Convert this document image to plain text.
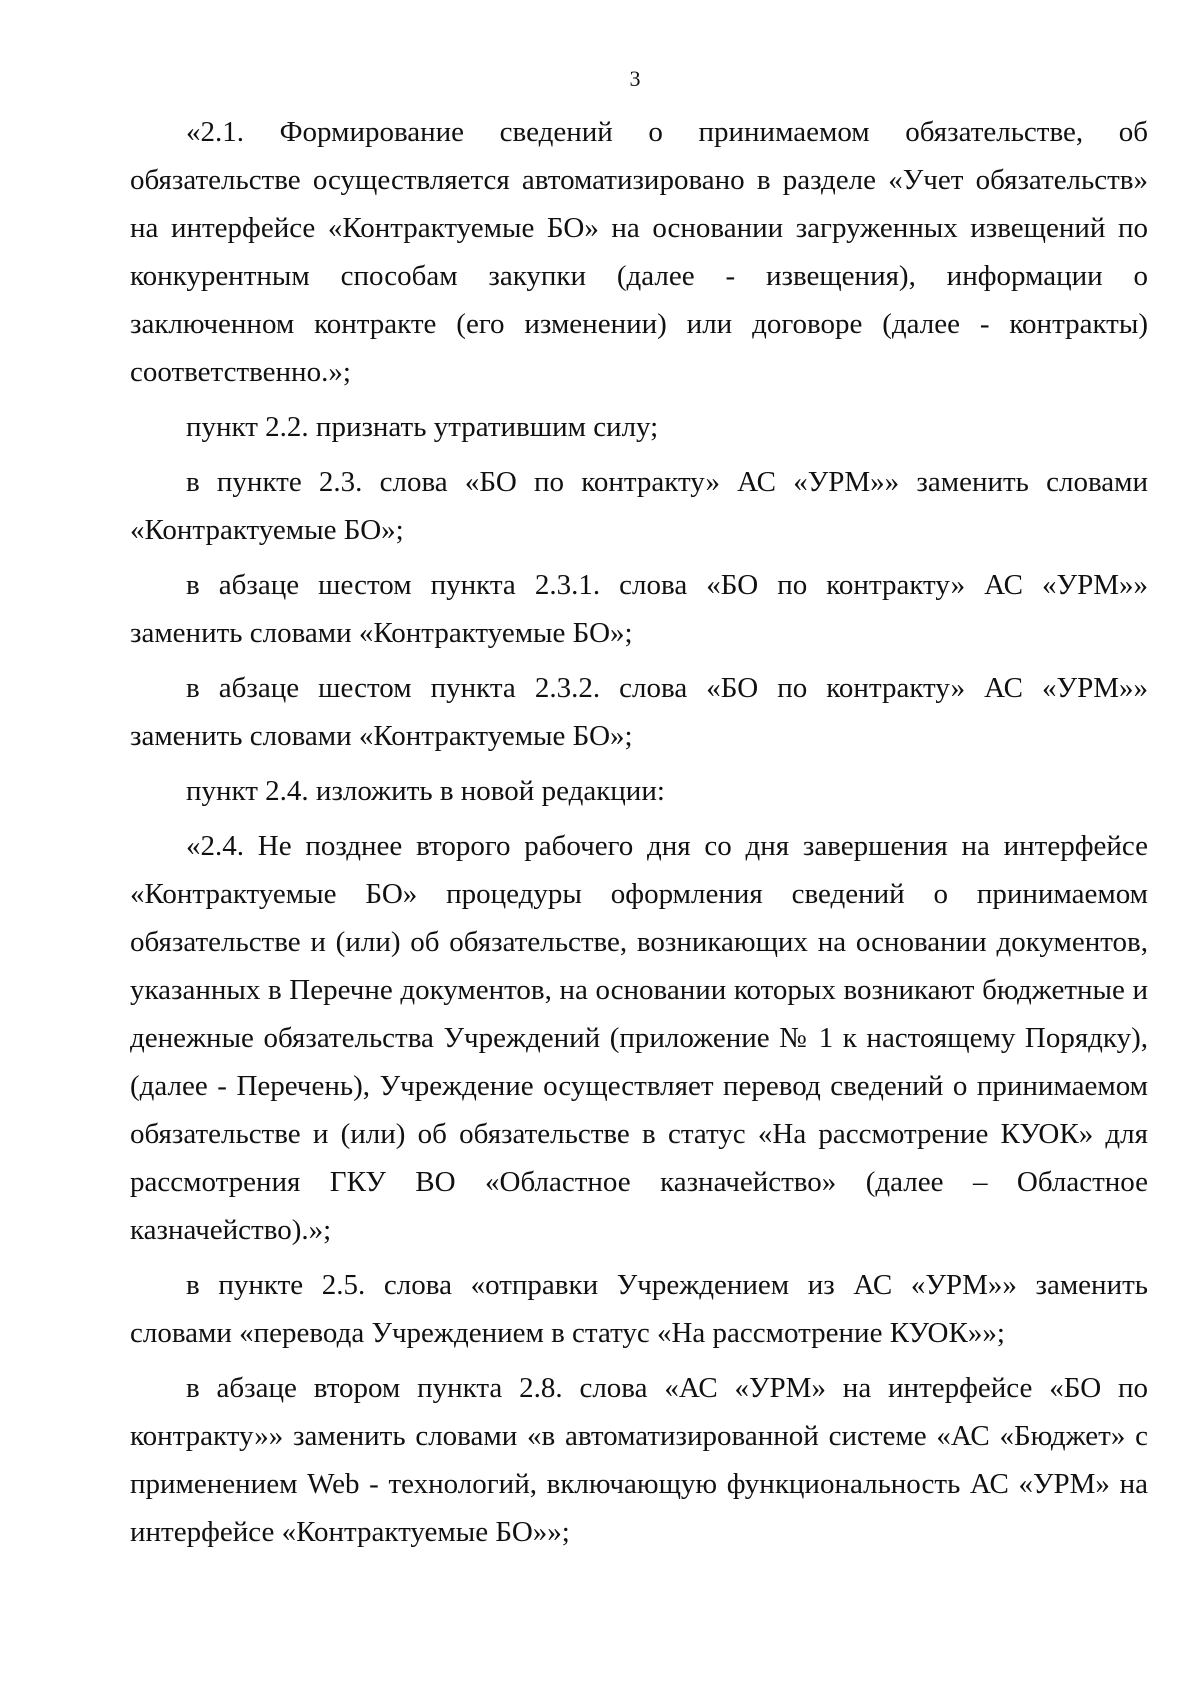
3

«2.1. Формирование сведений о принимаемом обязательстве, об обязательстве осуществляется автоматизировано в разделе «Учет обязательств» на интерфейсе «Контрактуемые БО» на основании загруженных извещений по конкурентным способам закупки (далее - извещения), информации о заключенном контракте (его изменении) или договоре (далее - контракты) соответственно.»;

пункт 2.2. признать утратившим силу;

в пункте 2.3. слова «БО по контракту» АС «УРМ»» заменить словами «Контрактуемые БО»;

в абзаце шестом пункта 2.3.1. слова «БО по контракту» АС «УРМ»» заменить словами «Контрактуемые БО»;

в абзаце шестом пункта 2.3.2. слова «БО по контракту» АС «УРМ»» заменить словами «Контрактуемые БО»;

пункт 2.4. изложить в новой редакции:

«2.4. Не позднее второго рабочего дня со дня завершения на интерфейсе «Контрактуемые БО» процедуры оформления сведений о принимаемом обязательстве и (или) об обязательстве, возникающих на основании документов, указанных в Перечне документов, на основании которых возникают бюджетные и денежные обязательства Учреждений (приложение № 1 к настоящему Порядку), (далее - Перечень), Учреждение осуществляет перевод сведений о принимаемом обязательстве и (или) об обязательстве в статус «На рассмотрение КУОК» для рассмотрения ГКУ ВО «Областное казначейство» (далее – Областное казначейство).»;

в пункте 2.5. слова «отправки Учреждением из АС «УРМ»» заменить словами «перевода Учреждением в статус «На рассмотрение КУОК»»;

в абзаце втором пункта 2.8. слова «АС «УРМ» на интерфейсе «БО по контракту»» заменить словами «в автоматизированной системе «АС «Бюджет» с применением Web - технологий, включающую функциональность АС «УРМ» на интерфейсе «Контрактуемые БО»»;
